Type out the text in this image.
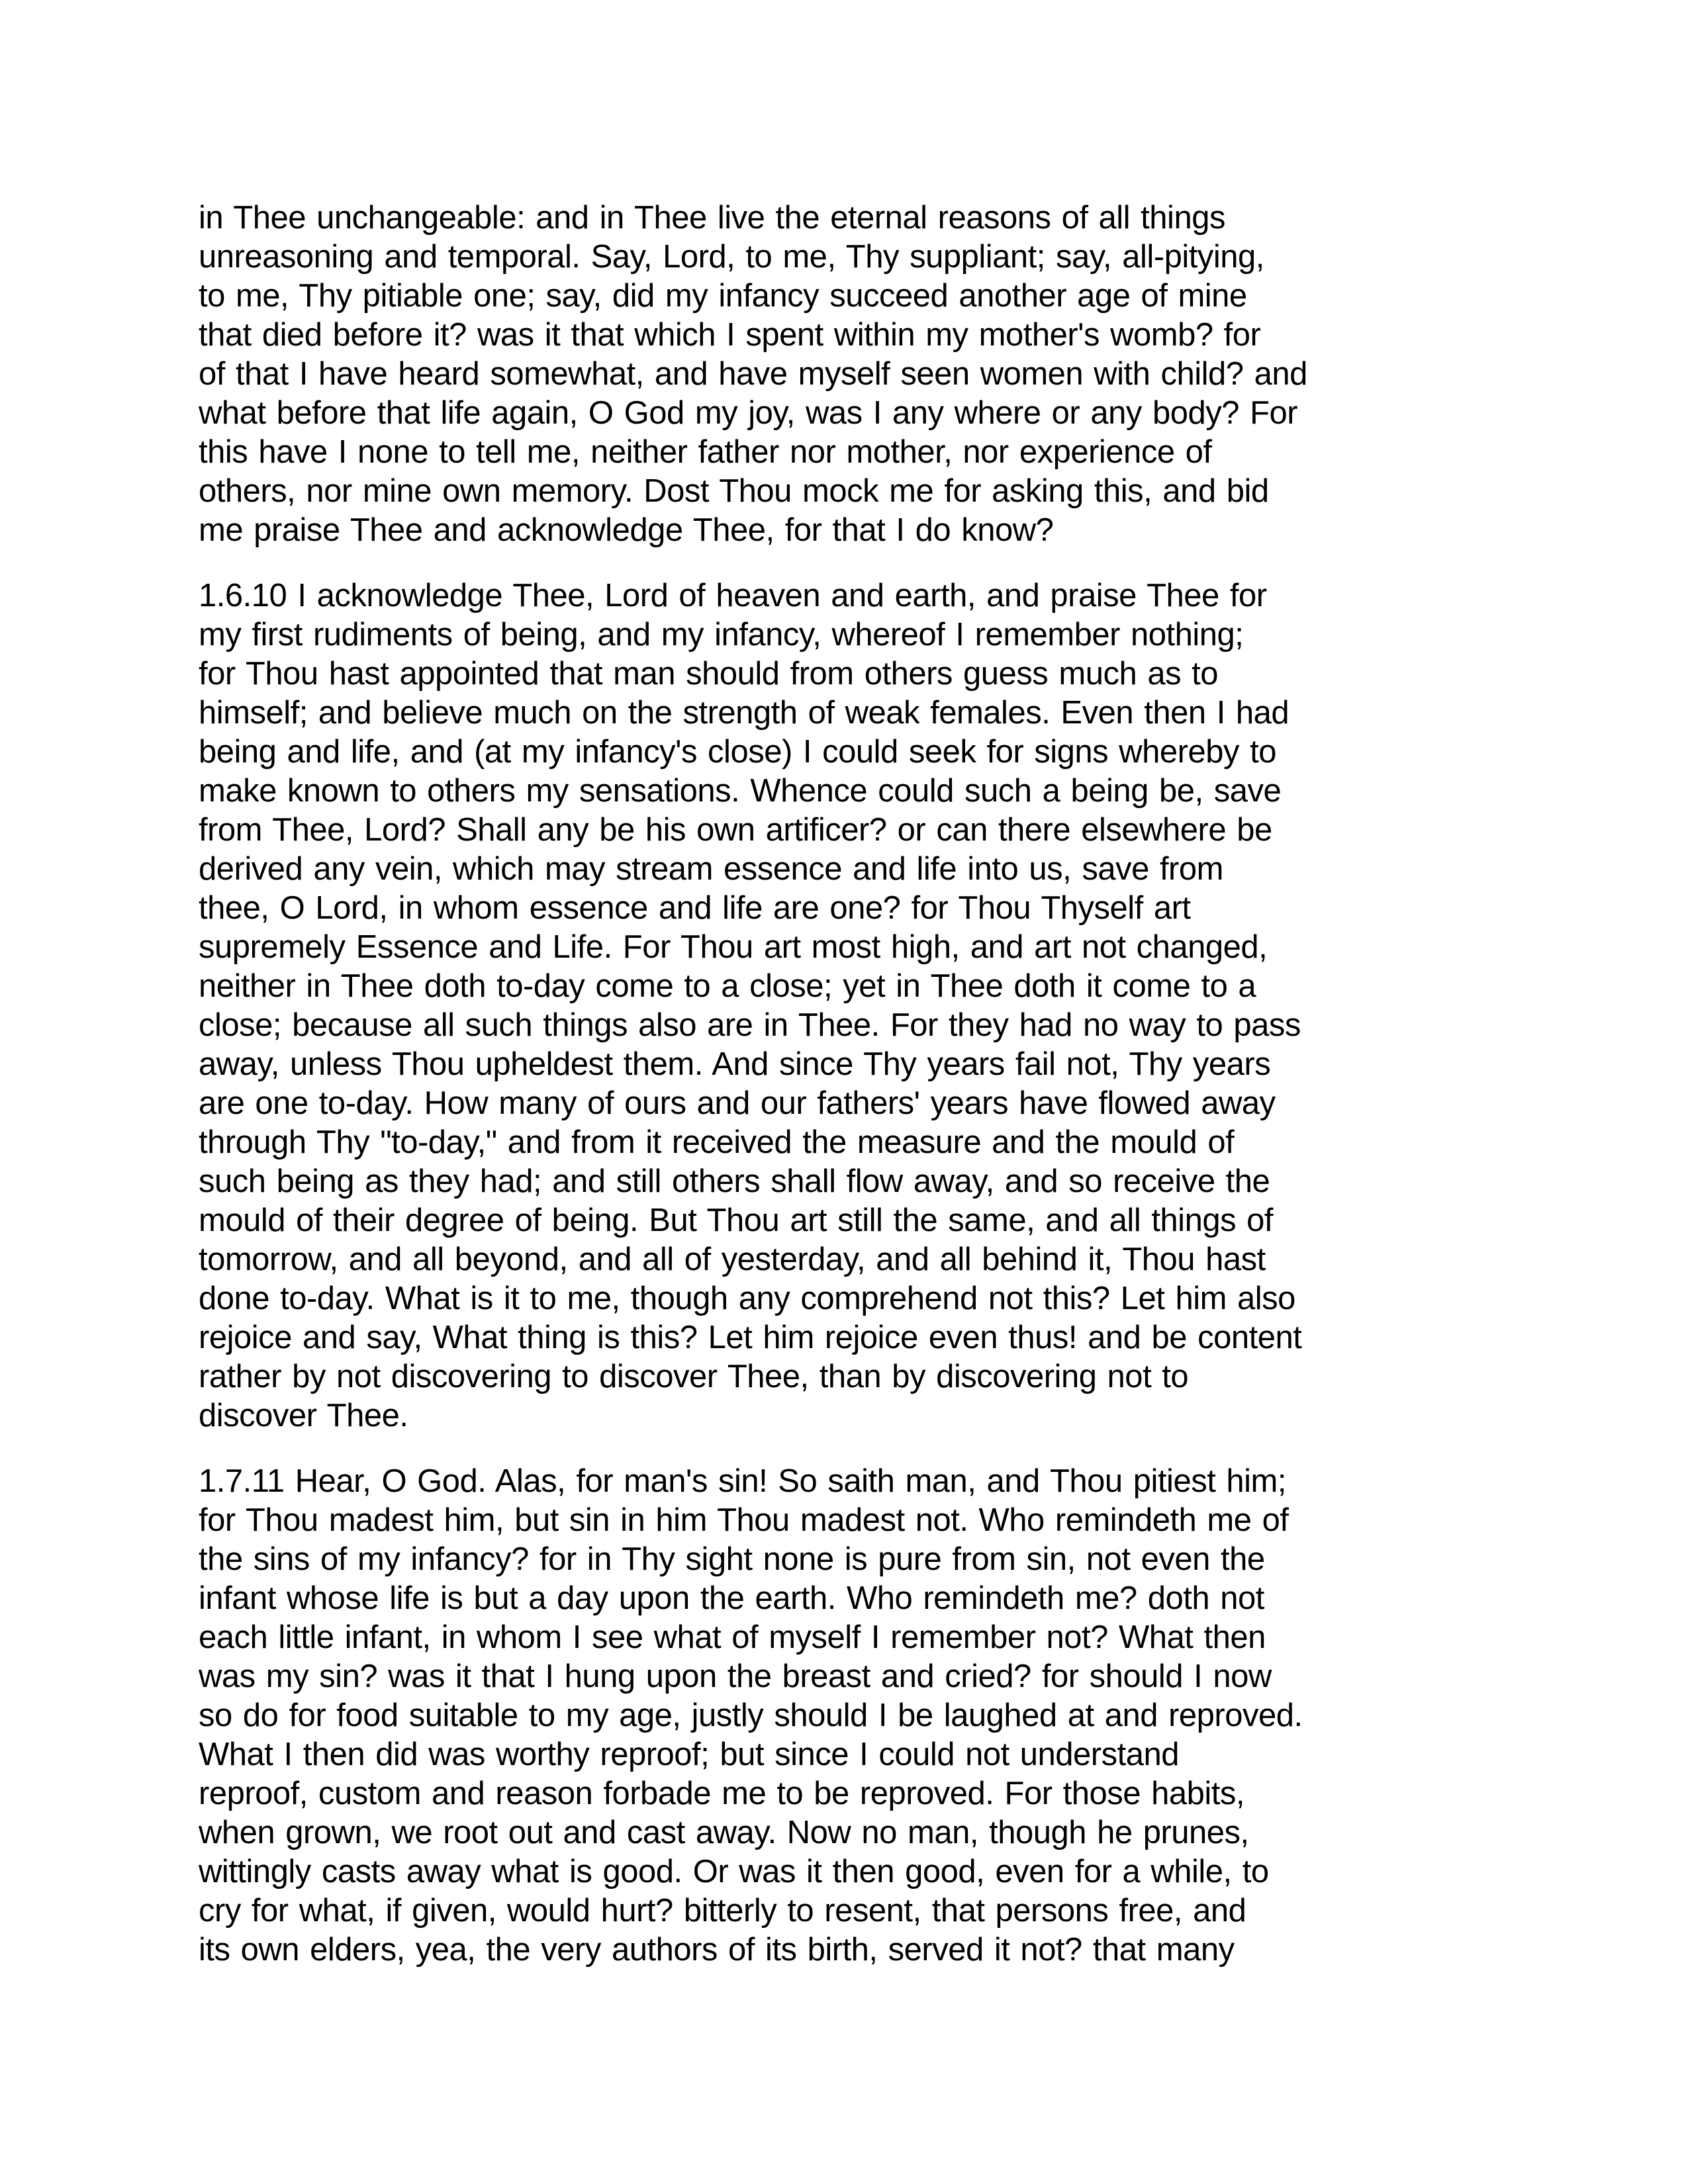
in Thee unchangeable: and in Thee live the eternal reasons of all things
unreasoning and temporal. Say, Lord, to me, Thy suppliant; say, all-pitying,
to me, Thy pitiable one; say, did my infancy succeed another age of mine
that died before it? was it that which I spent within my mother's womb? for
of that I have heard somewhat, and have myself seen women with child? and
what before that life again, O God my joy, was I any where or any body? For
this have I none to tell me, neither father nor mother, nor experience of
others, nor mine own memory. Dost Thou mock me for asking this, and bid
me praise Thee and acknowledge Thee, for that I do know?
1.6.10 I acknowledge Thee, Lord of heaven and earth, and praise Thee for
my first rudiments of being, and my infancy, whereof I remember nothing;
for Thou hast appointed that man should from others guess much as to
himself; and believe much on the strength of weak females. Even then I had
being and life, and (at my infancy's close) I could seek for signs whereby to
make known to others my sensations. Whence could such a being be, save
from Thee, Lord? Shall any be his own artificer? or can there elsewhere be
derived any vein, which may stream essence and life into us, save from
thee, O Lord, in whom essence and life are one? for Thou Thyself art
supremely Essence and Life. For Thou art most high, and art not changed,
neither in Thee doth to-day come to a close; yet in Thee doth it come to a
close; because all such things also are in Thee. For they had no way to pass
away, unless Thou upheldest them. And since Thy years fail not, Thy years
are one to-day. How many of ours and our fathers' years have flowed away
through Thy "to-day," and from it received the measure and the mould of
such being as they had; and still others shall flow away, and so receive the
mould of their degree of being. But Thou art still the same, and all things of
tomorrow, and all beyond, and all of yesterday, and all behind it, Thou hast
done to-day. What is it to me, though any comprehend not this? Let him also
rejoice and say, What thing is this? Let him rejoice even thus! and be content
rather by not discovering to discover Thee, than by discovering not to
discover Thee.
1.7.11 Hear, O God. Alas, for man's sin! So saith man, and Thou pitiest him;
for Thou madest him, but sin in him Thou madest not. Who remindeth me of
the sins of my infancy? for in Thy sight none is pure from sin, not even the
infant whose life is but a day upon the earth. Who remindeth me? doth not
each little infant, in whom I see what of myself I remember not? What then
was my sin? was it that I hung upon the breast and cried? for should I now
so do for food suitable to my age, justly should I be laughed at and reproved.
What I then did was worthy reproof; but since I could not understand
reproof, custom and reason forbade me to be reproved. For those habits,
when grown, we root out and cast away. Now no man, though he prunes,
wittingly casts away what is good. Or was it then good, even for a while, to
cry for what, if given, would hurt? bitterly to resent, that persons free, and
its own elders, yea, the very authors of its birth, served it not? that many
